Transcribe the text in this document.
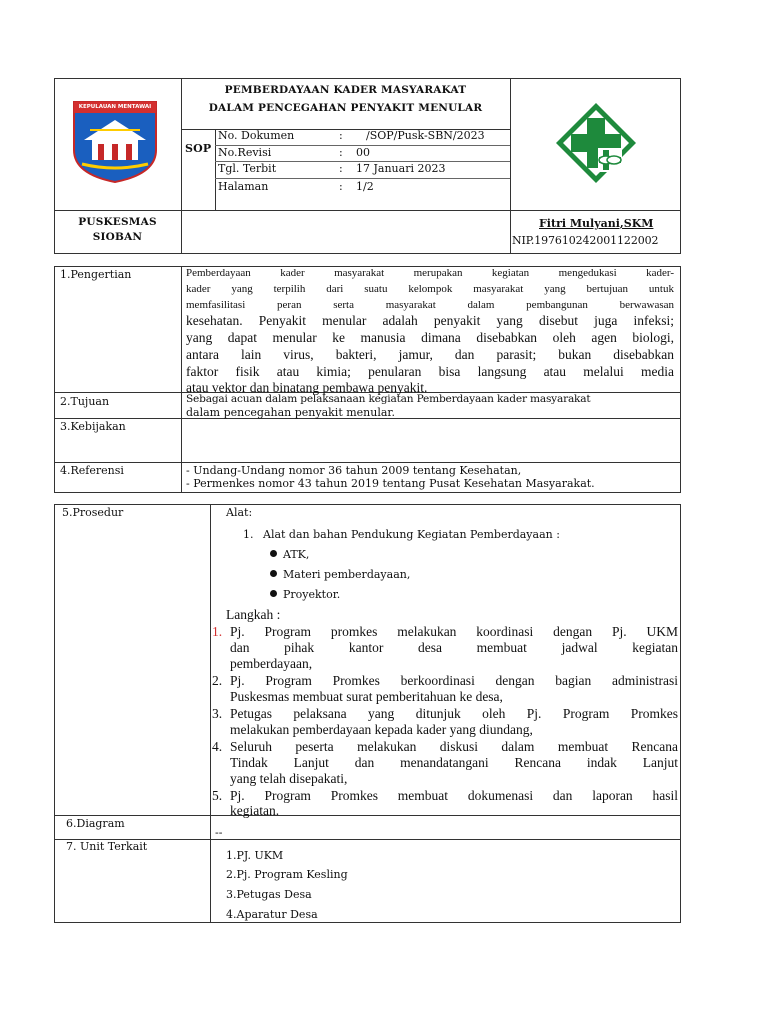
KEPULAUAN MENTAWAI
PEMBERDAYAAN KADER MASYARAKAT
DALAM PENCEGAHAN PENYAKIT MENULAR
SOP
No. Dokumen	: /SOP/Pusk-SBN/2023
No.Revisi	: 00
Tgl. Terbit	: 17 Januari 2023
Halaman	: 1/2
PUSKESMAS
SIOBAN
Fitri Mulyani,SKM
NIP.197610242001122002
1.Pengertian	Pemberdayaan kader masyarakat merupakan kegiatan mengedukasi kader-
kader yang terpilih dari suatu kelompok masyarakat yang bertujuan untuk
memfasilitasi peran serta masyarakat dalam pembangunan berwawasan
kesehatan. Penyakit menular adalah penyakit yang disebut juga infeksi;
yang dapat menular ke manusia dimana disebabkan oleh agen biologi,
antara lain virus, bakteri, jamur, dan parasit; bukan disebabkan
faktor fisik atau kimia; penularan bisa langsung atau melalui media
atau vektor dan binatang pembawa penyakit.
2.Tujuan	Sebagai acuan dalam pelaksanaan kegiatan Pemberdayaan kader masyarakat
dalam pencegahan penyakit menular.
3.Kebijakan
4.Referensi	- Undang-Undang nomor 36 tahun 2009 tentang Kesehatan,
- Permenkes nomor 43 tahun 2019 tentang Pusat Kesehatan Masyarakat.
5.Prosedur	Alat:
1. Alat dan bahan Pendukung Kegiatan Pemberdayaan :
ATK,
Materi pemberdayaan,
Proyektor.
Langkah :
1. Pj. Program promkes melakukan koordinasi dengan Pj. UKM
dan pihak kantor desa membuat jadwal kegiatan
pemberdayaan,
2. Pj. Program Promkes berkoordinasi dengan bagian administrasi
Puskesmas membuat surat pemberitahuan ke desa,
3. Petugas pelaksana yang ditunjuk oleh Pj. Program Promkes
melakukan pemberdayaan kepada kader yang diundang,
4. Seluruh peserta melakukan diskusi dalam membuat Rencana
Tindak Lanjut dan menandatangani Rencana indak Lanjut
yang telah disepakati,
5. Pj. Program Promkes membuat dokumenasi dan laporan hasil
kegiatan.
6.Diagram
--
7. Unit Terkait
1.PJ. UKM
2.Pj. Program Kesling
3.Petugas Desa
4.Aparatur Desa
